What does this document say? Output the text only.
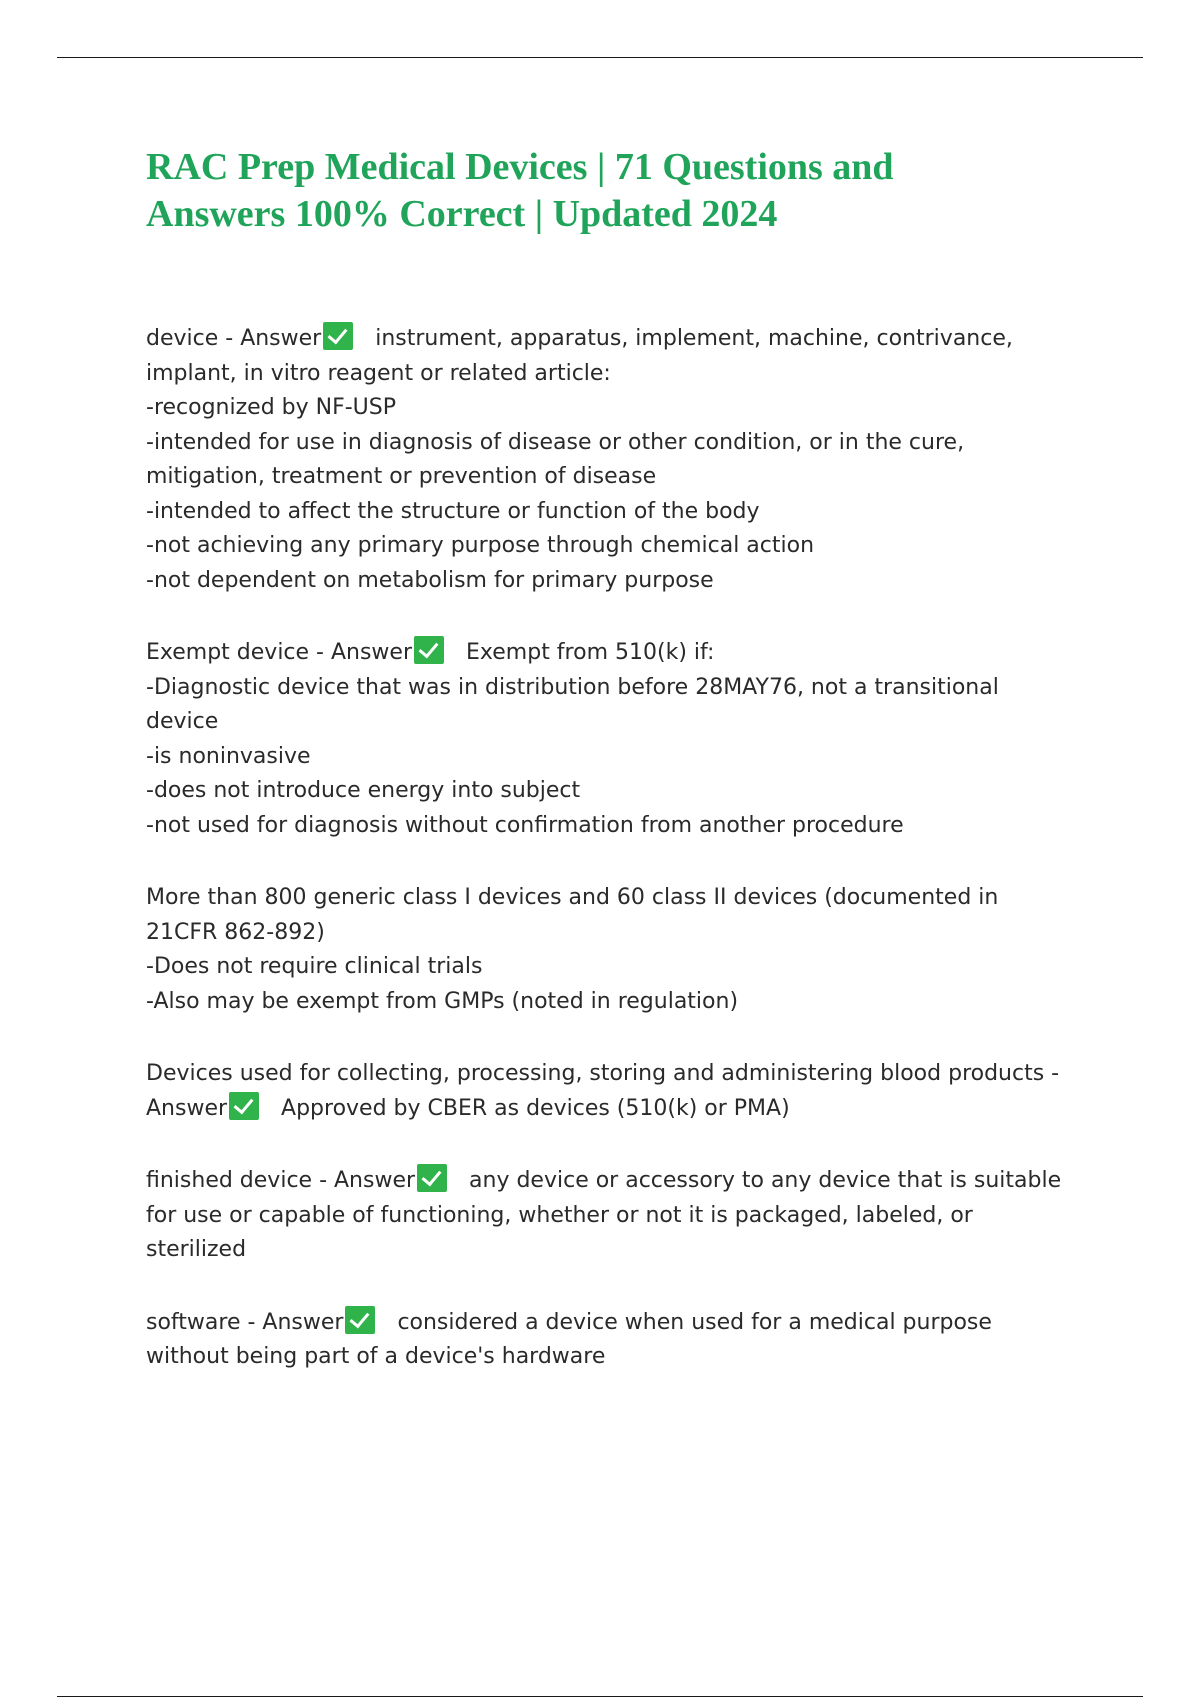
RAC Prep Medical Devices | 71 Questions and
Answers 100% Correct | Updated 2024
device - Answer instrument, apparatus, implement, machine, contrivance,
implant, in vitro reagent or related article:
-recognized by NF-USP
-intended for use in diagnosis of disease or other condition, or in the cure,
mitigation, treatment or prevention of disease
-intended to affect the structure or function of the body
-not achieving any primary purpose through chemical action
-not dependent on metabolism for primary purpose
Exempt device - Answer Exempt from 510(k) if:
-Diagnostic device that was in distribution before 28MAY76, not a transitional
device
-is noninvasive
-does not introduce energy into subject
-not used for diagnosis without confirmation from another procedure
More than 800 generic class I devices and 60 class II devices (documented in
21CFR 862-892)
-Does not require clinical trials
-Also may be exempt from GMPs (noted in regulation)
Devices used for collecting, processing, storing and administering blood products -
Answer Approved by CBER as devices (510(k) or PMA)
finished device - Answer any device or accessory to any device that is suitable
for use or capable of functioning, whether or not it is packaged, labeled, or
sterilized
software - Answer considered a device when used for a medical purpose
without being part of a device's hardware
